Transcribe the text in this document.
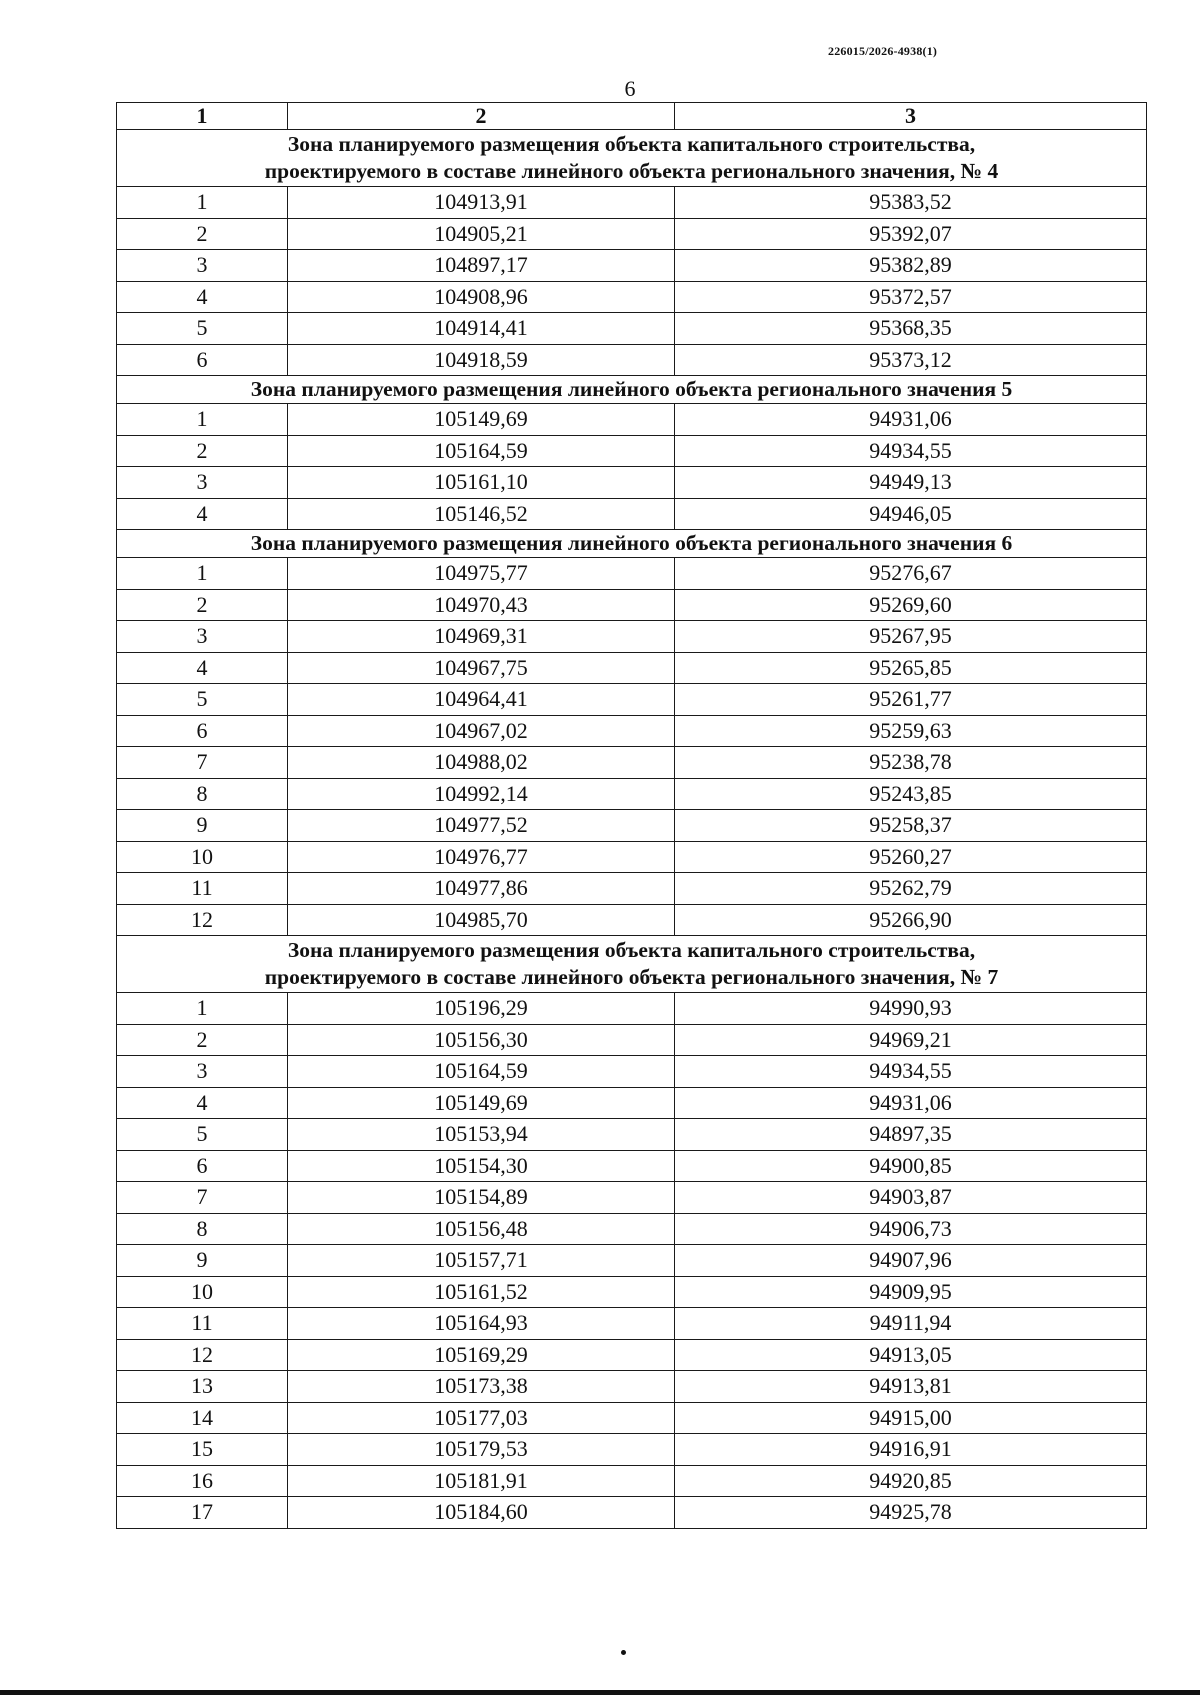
226015/2026-4938(1)
6
1	2	3

Зона планируемого размещения объекта капитального строительства,
проектируемого в составе линейного объекта регионального значения, № 4		

1	104913,91	95383,52
2	104905,21	95392,07
3	104897,17	95382,89
4	104908,96	95372,57
5	104914,41	95368,35
6	104918,59	95373,12

Зона планируемого размещения линейного объекта регионального значения 5		

1	105149,69	94931,06
2	105164,59	94934,55
3	105161,10	94949,13
4	105146,52	94946,05

Зона планируемого размещения линейного объекта регионального значения 6		

1	104975,77	95276,67
2	104970,43	95269,60
3	104969,31	95267,95
4	104967,75	95265,85
5	104964,41	95261,77
6	104967,02	95259,63
7	104988,02	95238,78
8	104992,14	95243,85
9	104977,52	95258,37
10	104976,77	95260,27
11	104977,86	95262,79
12	104985,70	95266,90

Зона планируемого размещения объекта капитального строительства,
проектируемого в составе линейного объекта регионального значения, № 7		

1	105196,29	94990,93
2	105156,30	94969,21
3	105164,59	94934,55
4	105149,69	94931,06
5	105153,94	94897,35
6	105154,30	94900,85
7	105154,89	94903,87
8	105156,48	94906,73
9	105157,71	94907,96
10	105161,52	94909,95
11	105164,93	94911,94
12	105169,29	94913,05
13	105173,38	94913,81
14	105177,03	94915,00
15	105179,53	94916,91
16	105181,91	94920,85
17	105184,60	94925,78
